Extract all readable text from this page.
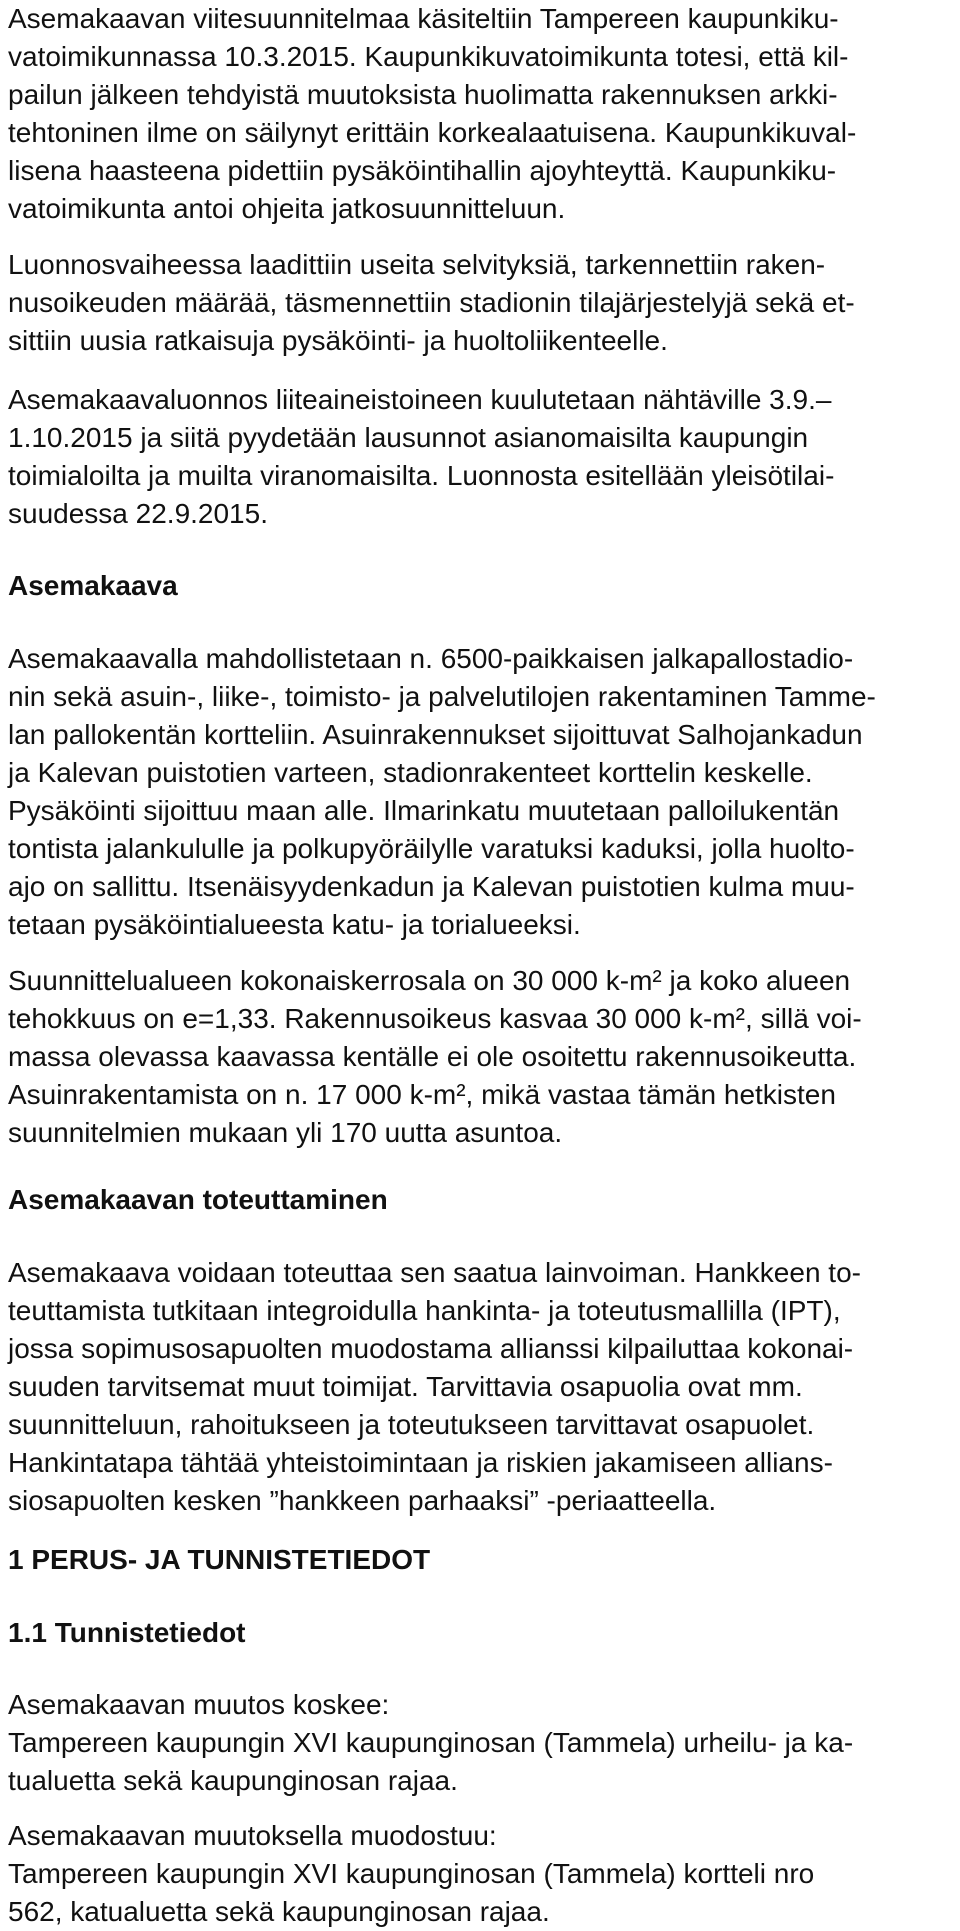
Asemakaavan viitesuunnitelmaa käsiteltiin Tampereen kaupunkiku-
vatoimikunnassa 10.3.2015. Kaupunkikuvatoimikunta totesi, että kil-
pailun jälkeen tehdyistä muutoksista huolimatta rakennuksen arkki-
tehtoninen ilme on säilynyt erittäin korkealaatuisena. Kaupunkikuval-
lisena haasteena pidettiin pysäköintihallin ajoyhteyttä. Kaupunkiku-
vatoimikunta antoi ohjeita jatkosuunnitteluun.
Luonnosvaiheessa laadittiin useita selvityksiä, tarkennettiin raken-
nusoikeuden määrää, täsmennettiin stadionin tilajärjestelyjä sekä et-
sittiin uusia ratkaisuja pysäköinti- ja huoltoliikenteelle.
Asemakaavaluonnos liiteaineistoineen kuulutetaan nähtäville 3.9.–
1.10.2015 ja siitä pyydetään lausunnot asianomaisilta kaupungin
toimialoilta ja muilta viranomaisilta. Luonnosta esitellään yleisötilai-
suudessa 22.9.2015.
Asemakaava
Asemakaavalla mahdollistetaan n. 6500-paikkaisen jalkapallostadio-
nin sekä asuin-, liike-, toimisto- ja palvelutilojen rakentaminen Tamme-
lan pallokentän kortteliin. Asuinrakennukset sijoittuvat Salhojankadun
ja Kalevan puistotien varteen, stadionrakenteet korttelin keskelle.
Pysäköinti sijoittuu maan alle. Ilmarinkatu muutetaan palloilukentän
tontista jalankululle ja polkupyöräilylle varatuksi kaduksi, jolla huolto-
ajo on sallittu. Itsenäisyydenkadun ja Kalevan puistotien kulma muu-
tetaan pysäköintialueesta katu- ja torialueeksi.
Suunnittelualueen kokonaiskerrosala on 30 000 k-m² ja koko alueen
tehokkuus on e=1,33. Rakennusoikeus kasvaa 30 000 k-m², sillä voi-
massa olevassa kaavassa kentälle ei ole osoitettu rakennusoikeutta.
Asuinrakentamista on n. 17 000 k-m², mikä vastaa tämän hetkisten
suunnitelmien mukaan yli 170 uutta asuntoa.
Asemakaavan toteuttaminen
Asemakaava voidaan toteuttaa sen saatua lainvoiman. Hankkeen to-
teuttamista tutkitaan integroidulla hankinta- ja toteutusmallilla (IPT),
jossa sopimusosapuolten muodostama allianssi kilpailuttaa kokonai-
suuden tarvitsemat muut toimijat. Tarvittavia osapuolia ovat mm.
suunnitteluun, rahoitukseen ja toteutukseen tarvittavat osapuolet.
Hankintatapa tähtää yhteistoimintaan ja riskien jakamiseen allians-
siosapuolten kesken ”hankkeen parhaaksi” -periaatteella.
1 PERUS- JA TUNNISTETIEDOT
1.1 Tunnistetiedot
Asemakaavan muutos koskee:
Tampereen kaupungin XVI kaupunginosan (Tammela) urheilu- ja ka-
tualuetta sekä kaupunginosan rajaa.
Asemakaavan muutoksella muodostuu:
Tampereen kaupungin XVI kaupunginosan (Tammela) kortteli nro
562, katualuetta sekä kaupunginosan rajaa.
